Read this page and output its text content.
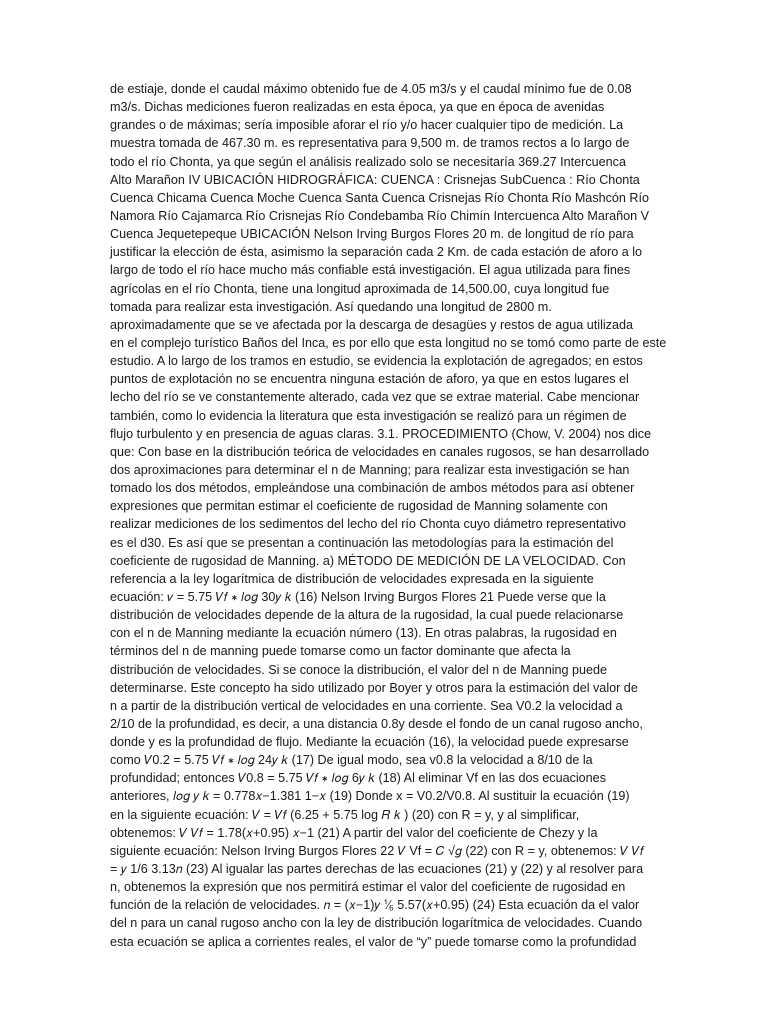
de estiaje, donde el caudal máximo obtenido fue de 4.05 m3/s y el caudal mínimo fue de 0.08
m3/s. Dichas mediciones fueron realizadas en esta época, ya que en época de avenidas
grandes o de máximas; sería imposible aforar el río y/o hacer cualquier tipo de medición. La
muestra tomada de 467.30 m. es representativa para 9,500 m. de tramos rectos a lo largo de
todo el río Chonta, ya que según el análisis realizado solo se necesitaría 369.27 Intercuenca
Alto Marañon IV UBICACIÓN HIDROGRÁFICA: CUENCA : Crisnejas SubCuenca : Río Chonta
Cuenca Chicama Cuenca Moche Cuenca Santa Cuenca Crisnejas Río Chonta Río Mashcón Río
Namora Río Cajamarca Río Crisnejas Río Condebamba Río Chimín Intercuenca Alto Marañon V
Cuenca Jequetepeque UBICACIÓN Nelson Irving Burgos Flores 20 m. de longitud de río para
justificar la elección de ésta, asimismo la separación cada 2 Km. de cada estación de aforo a lo
largo de todo el río hace mucho más confiable está investigación. El agua utilizada para fines
agrícolas en el río Chonta, tiene una longitud aproximada de 14,500.00, cuya longitud fue
tomada para realizar esta investigación. Así quedando una longitud de 2800 m.
aproximadamente que se ve afectada por la descarga de desagües y restos de agua utilizada
en el complejo turístico Baños del Inca, es por ello que esta longitud no se tomó como parte de este
estudio. A lo largo de los tramos en estudio, se evidencia la explotación de agregados; en estos
puntos de explotación no se encuentra ninguna estación de aforo, ya que en estos lugares el
lecho del río se ve constantemente alterado, cada vez que se extrae material. Cabe mencionar
también, como lo evidencia la literatura que esta investigación se realizó para un régimen de
flujo turbulento y en presencia de aguas claras. 3.1. PROCEDIMIENTO (Chow, V. 2004) nos dice
que: Con base en la distribución teórica de velocidades en canales rugosos, se han desarrollado
dos aproximaciones para determinar el n de Manning; para realizar esta investigación se han
tomado los dos métodos, empleándose una combinación de ambos métodos para así obtener
expresiones que permitan estimar el coeficiente de rugosidad de Manning solamente con
realizar mediciones de los sedimentos del lecho del río Chonta cuyo diámetro representativo
es el d30. Es así que se presentan a continuación las metodologías para la estimación del
coeficiente de rugosidad de Manning. a) MÉTODO DE MEDICIÓN DE LA VELOCIDAD. Con
referencia a la ley logarítmica de distribución de velocidades expresada en la siguiente
ecuación: 𝑣 = 5.75 𝑉𝑓 ∗ 𝑙𝑜𝑔 30𝑦 𝑘 (16) Nelson Irving Burgos Flores 21 Puede verse que la
distribución de velocidades depende de la altura de la rugosidad, la cual puede relacionarse
con el n de Manning mediante la ecuación número (13). En otras palabras, la rugosidad en
términos del n de manning puede tomarse como un factor dominante que afecta la
distribución de velocidades. Si se conoce la distribución, el valor del n de Manning puede
determinarse. Este concepto ha sido utilizado por Boyer y otros para la estimación del valor de
n a partir de la distribución vertical de velocidades en una corriente. Sea V0.2 la velocidad a
2/10 de la profundidad, es decir, a una distancia 0.8y desde el fondo de un canal rugoso ancho,
donde y es la profundidad de flujo. Mediante la ecuación (16), la velocidad puede expresarse
como 𝑉0.2 = 5.75 𝑉𝑓 ∗ 𝑙𝑜𝑔 24𝑦 𝑘 (17) De igual modo, sea v0.8 la velocidad a 8/10 de la
profundidad; entonces 𝑉0.8 = 5.75 𝑉𝑓 ∗ 𝑙𝑜𝑔 6𝑦 𝑘 (18) Al eliminar Vf en las dos ecuaciones
anteriores, 𝑙𝑜𝑔 𝑦 𝑘 = 0.778𝑥−1.381 1−𝑥 (19) Donde x = V0.2/V0.8. Al sustituir la ecuación (19)
en la siguiente ecuación: 𝑉 = 𝑉𝑓 (6.25 + 5.75 log 𝑅 𝑘 ) (20) con R = y, y al simplificar,
obtenemos: 𝑉 𝑉𝑓 = 1.78(𝑥+0.95) 𝑥−1 (21) A partir del valor del coeficiente de Chezy y la
siguiente ecuación: Nelson Irving Burgos Flores 22 𝑉 Vf = 𝐶 √𝑔 (22) con R = y, obtenemos: 𝑉 𝑉𝑓
= 𝑦 1/6 3.13𝑛 (23) Al igualar las partes derechas de las ecuaciones (21) y (22) y al resolver para
n, obtenemos la expresión que nos permitirá estimar el valor del coeficiente de rugosidad en
función de la relación de velocidades. 𝑛 = (𝑥−1)𝑦 ⅙ 5.57(𝑥+0.95) (24) Esta ecuación da el valor
del n para un canal rugoso ancho con la ley de distribución logarítmica de velocidades. Cuando
esta ecuación se aplica a corrientes reales, el valor de “y” puede tomarse como la profundidad
